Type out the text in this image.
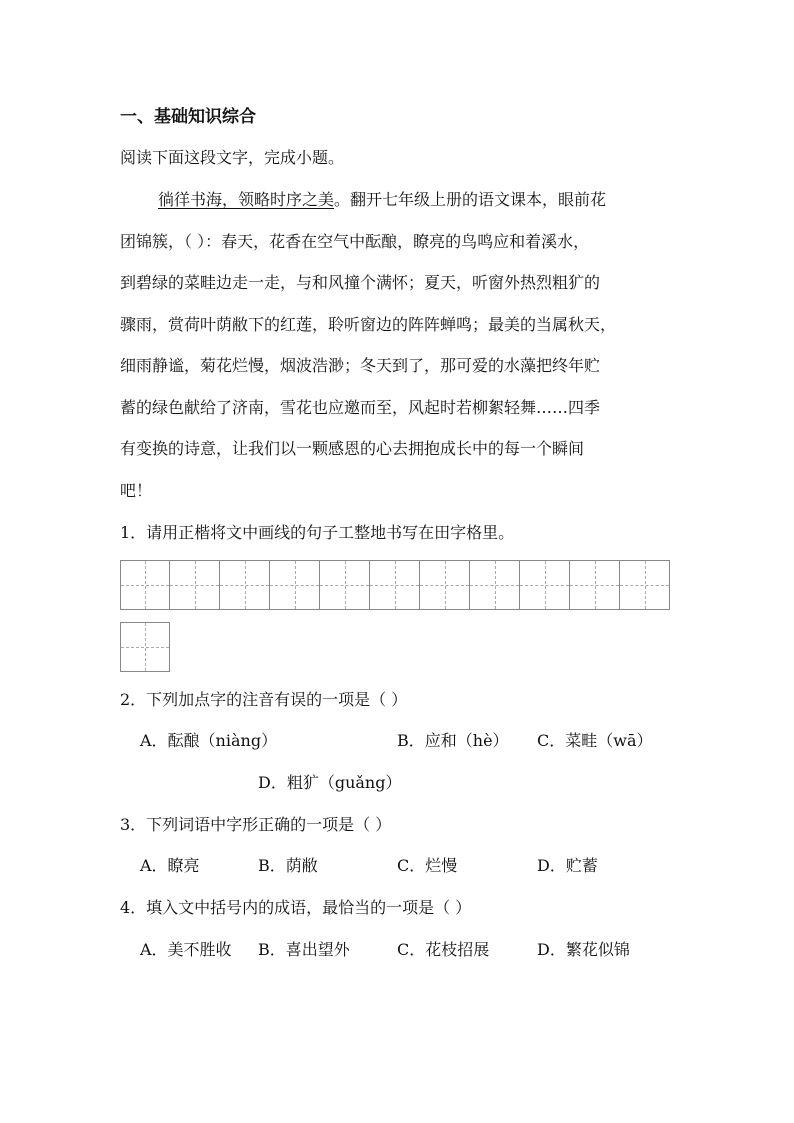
一、基础知识综合
阅读下面这段文字，完成小题。
徜徉书海，领略时序之美。翻开七年级上册的语文课本，眼前花
团锦簇，（ ）：春天，花香在空气中酝酿，瞭亮的鸟鸣应和着溪水，
到碧绿的菜畦边走一走，与和风撞个满怀；夏天，听窗外热烈粗犷的
骤雨，赏荷叶荫敝下的红莲，聆听窗边的阵阵蝉鸣；最美的当属秋天，
细雨静谧，菊花烂慢，烟波浩渺；冬天到了，那可爱的水藻把终年贮
蓄的绿色献给了济南，雪花也应邀而至，风起时若柳絮轻舞……四季
有变换的诗意，让我们以一颗感恩的心去拥抱成长中的每一个瞬间
吧！
1．请用正楷将文中画线的句子工整地书写在田字格里。
2．下列加点字的注音有误的一项是（ ）
A．酝酿（niàng）	B．应和（hè） C．菜畦（wā）
D．粗犷（guǎng）
3．下列词语中字形正确的一项是（ ）
A．瞭亮	B．荫敝	C．烂慢	D．贮蓄
4．填入文中括号内的成语，最恰当的一项是（ ）
A．美不胜收 B．喜出望外	C．花枝招展	D．繁花似锦
